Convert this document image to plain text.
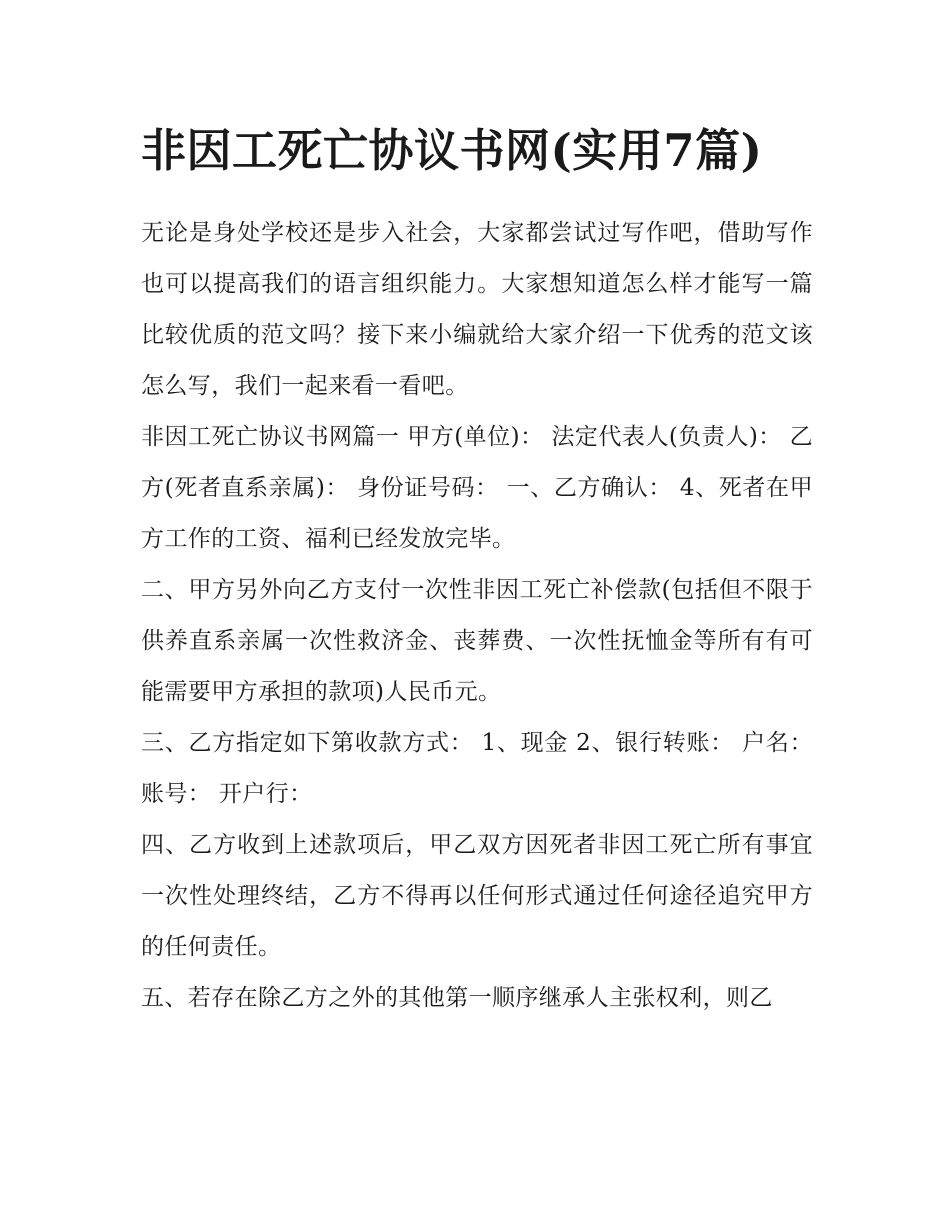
非因工死亡协议书网(实用7篇)

无论是身处学校还是步入社会，大家都尝试过写作吧，借助写作也可以提高我们的语言组织能力。大家想知道怎么样才能写一篇比较优质的范文吗？接下来小编就给大家介绍一下优秀的范文该怎么写，我们一起来看一看吧。

非因工死亡协议书网篇一 甲方(单位)： 法定代表人(负责人)： 乙方(死者直系亲属)： 身份证号码： 一、乙方确认： 4、死者在甲方工作的工资、福利已经发放完毕。

二、甲方另外向乙方支付一次性非因工死亡补偿款(包括但不限于供养直系亲属一次性救济金、丧葬费、一次性抚恤金等所有有可能需要甲方承担的款项)人民币元。

三、乙方指定如下第收款方式： 1、现金 2、银行转账： 户名： 账号： 开户行：

四、乙方收到上述款项后，甲乙双方因死者非因工死亡所有事宜一次性处理终结，乙方不得再以任何形式通过任何途径追究甲方的任何责任。

五、若存在除乙方之外的其他第一顺序继承人主张权利，则乙
